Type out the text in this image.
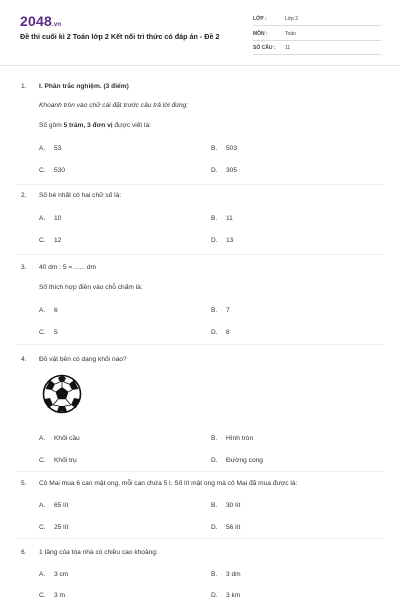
2048.vn
Đề thi cuối kì 2 Toán lớp 2 Kết nối tri thức có đáp án - Đề 2
LỚP :	Lớp 2
MÔN :	Toán
SỐ CÂU : 11
1. I. Phần trắc nghiệm. (3 điểm)
Khoanh tròn vào chữ cái đặt trước câu trả lời đúng:
Số gồm 5 trăm, 3 đơn vị được viết là:
A. 53	B. 503
C. 530	D. 305
2. Số bé nhất có hai chữ số là:
A. 10	B. 11
C. 12	D. 13
3. 40 dm : 5 = ...... dm
Số thích hợp điền vào chỗ chấm là:
A. 6	B. 7
C. 5	D. 8
4. Đồ vật bên có dạng khối nào?
A. Khối cầu	B. Hình tròn
C. Khối trụ	D. Đường cong
5. Cô Mai mua 6 can mật ong, mỗi can chứa 5 l. Số lít mật ong mà cô Mai đã mua được là:
A. 65 lít	B. 30 lít
C. 25 lít	D. 56 lít
6. 1 tầng của tòa nhà có chiều cao khoảng:
A. 3 cm	B. 3 dm
C. 3 m	D. 3 km
